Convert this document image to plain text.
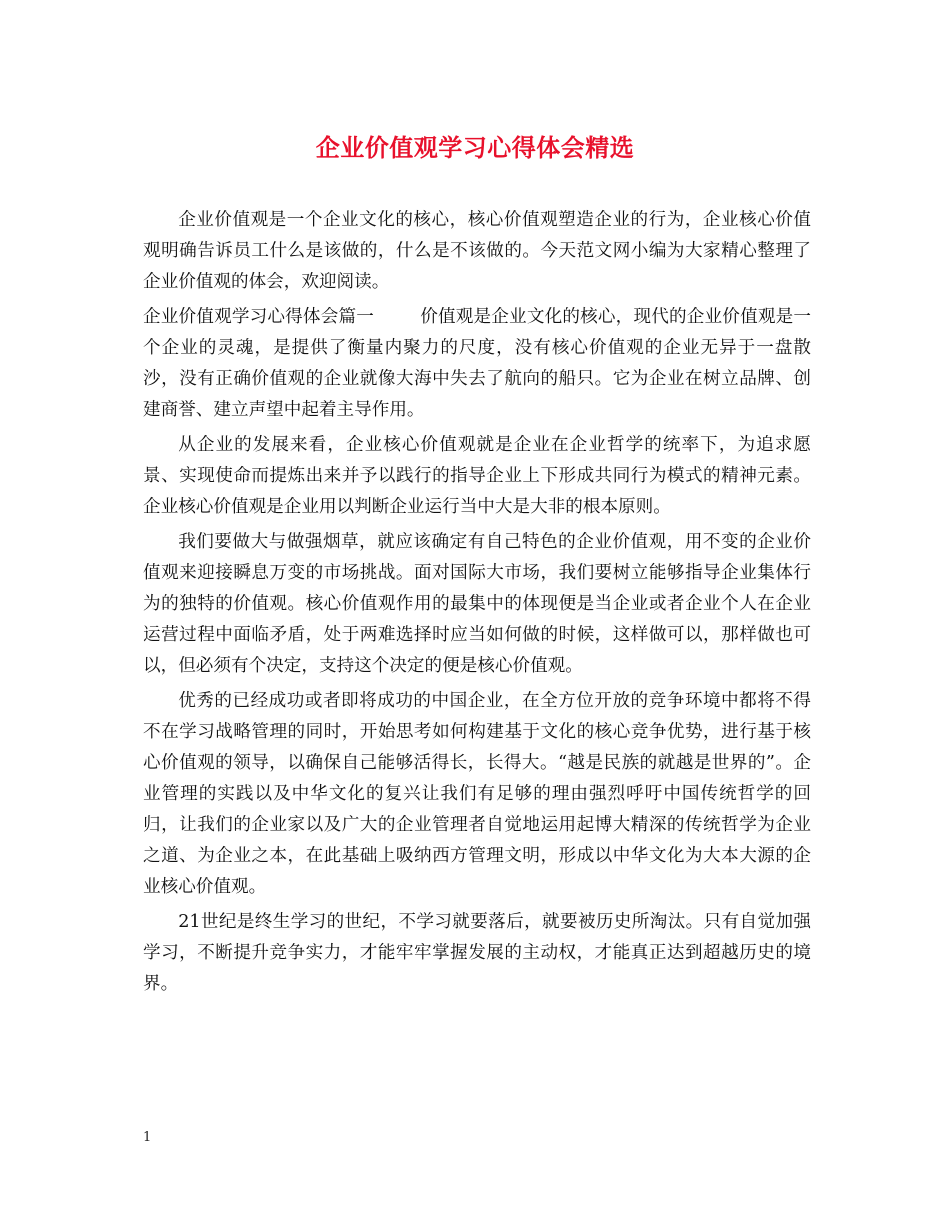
企业价值观学习心得体会精选

企业价值观是一个企业文化的核心，核心价值观塑造企业的行为，企业核心价值观明确告诉员工什么是该做的，什么是不该做的。今天范文网小编为大家精心整理了企业价值观的体会，欢迎阅读。

企业价值观学习心得体会篇一	价值观是企业文化的核心，现代的企业价值观是一个企业的灵魂，是提供了衡量内聚力的尺度，没有核心价值观的企业无异于一盘散沙，没有正确价值观的企业就像大海中失去了航向的船只。它为企业在树立品牌、创建商誉、建立声望中起着主导作用。

从企业的发展来看，企业核心价值观就是企业在企业哲学的统率下，为追求愿景、实现使命而提炼出来并予以践行的指导企业上下形成共同行为模式的精神元素。企业核心价值观是企业用以判断企业运行当中大是大非的根本原则。

我们要做大与做强烟草，就应该确定有自己特色的企业价值观，用不变的企业价值观来迎接瞬息万变的市场挑战。面对国际大市场，我们要树立能够指导企业集体行为的独特的价值观。核心价值观作用的最集中的体现便是当企业或者企业个人在企业运营过程中面临矛盾，处于两难选择时应当如何做的时候，这样做可以，那样做也可以，但必须有个决定，支持这个决定的便是核心价值观。

优秀的已经成功或者即将成功的中国企业，在全方位开放的竞争环境中都将不得不在学习战略管理的同时，开始思考如何构建基于文化的核心竞争优势，进行基于核心价值观的领导，以确保自己能够活得长，长得大。“越是民族的就越是世界的”。企业管理的实践以及中华文化的复兴让我们有足够的理由强烈呼吁中国传统哲学的回归，让我们的企业家以及广大的企业管理者自觉地运用起博大精深的传统哲学为企业之道、为企业之本，在此基础上吸纳西方管理文明，形成以中华文化为大本大源的企业核心价值观。

21世纪是终生学习的世纪，不学习就要落后，就要被历史所淘汰。只有自觉加强学习，不断提升竞争实力，才能牢牢掌握发展的主动权，才能真正达到超越历史的境界。

1
